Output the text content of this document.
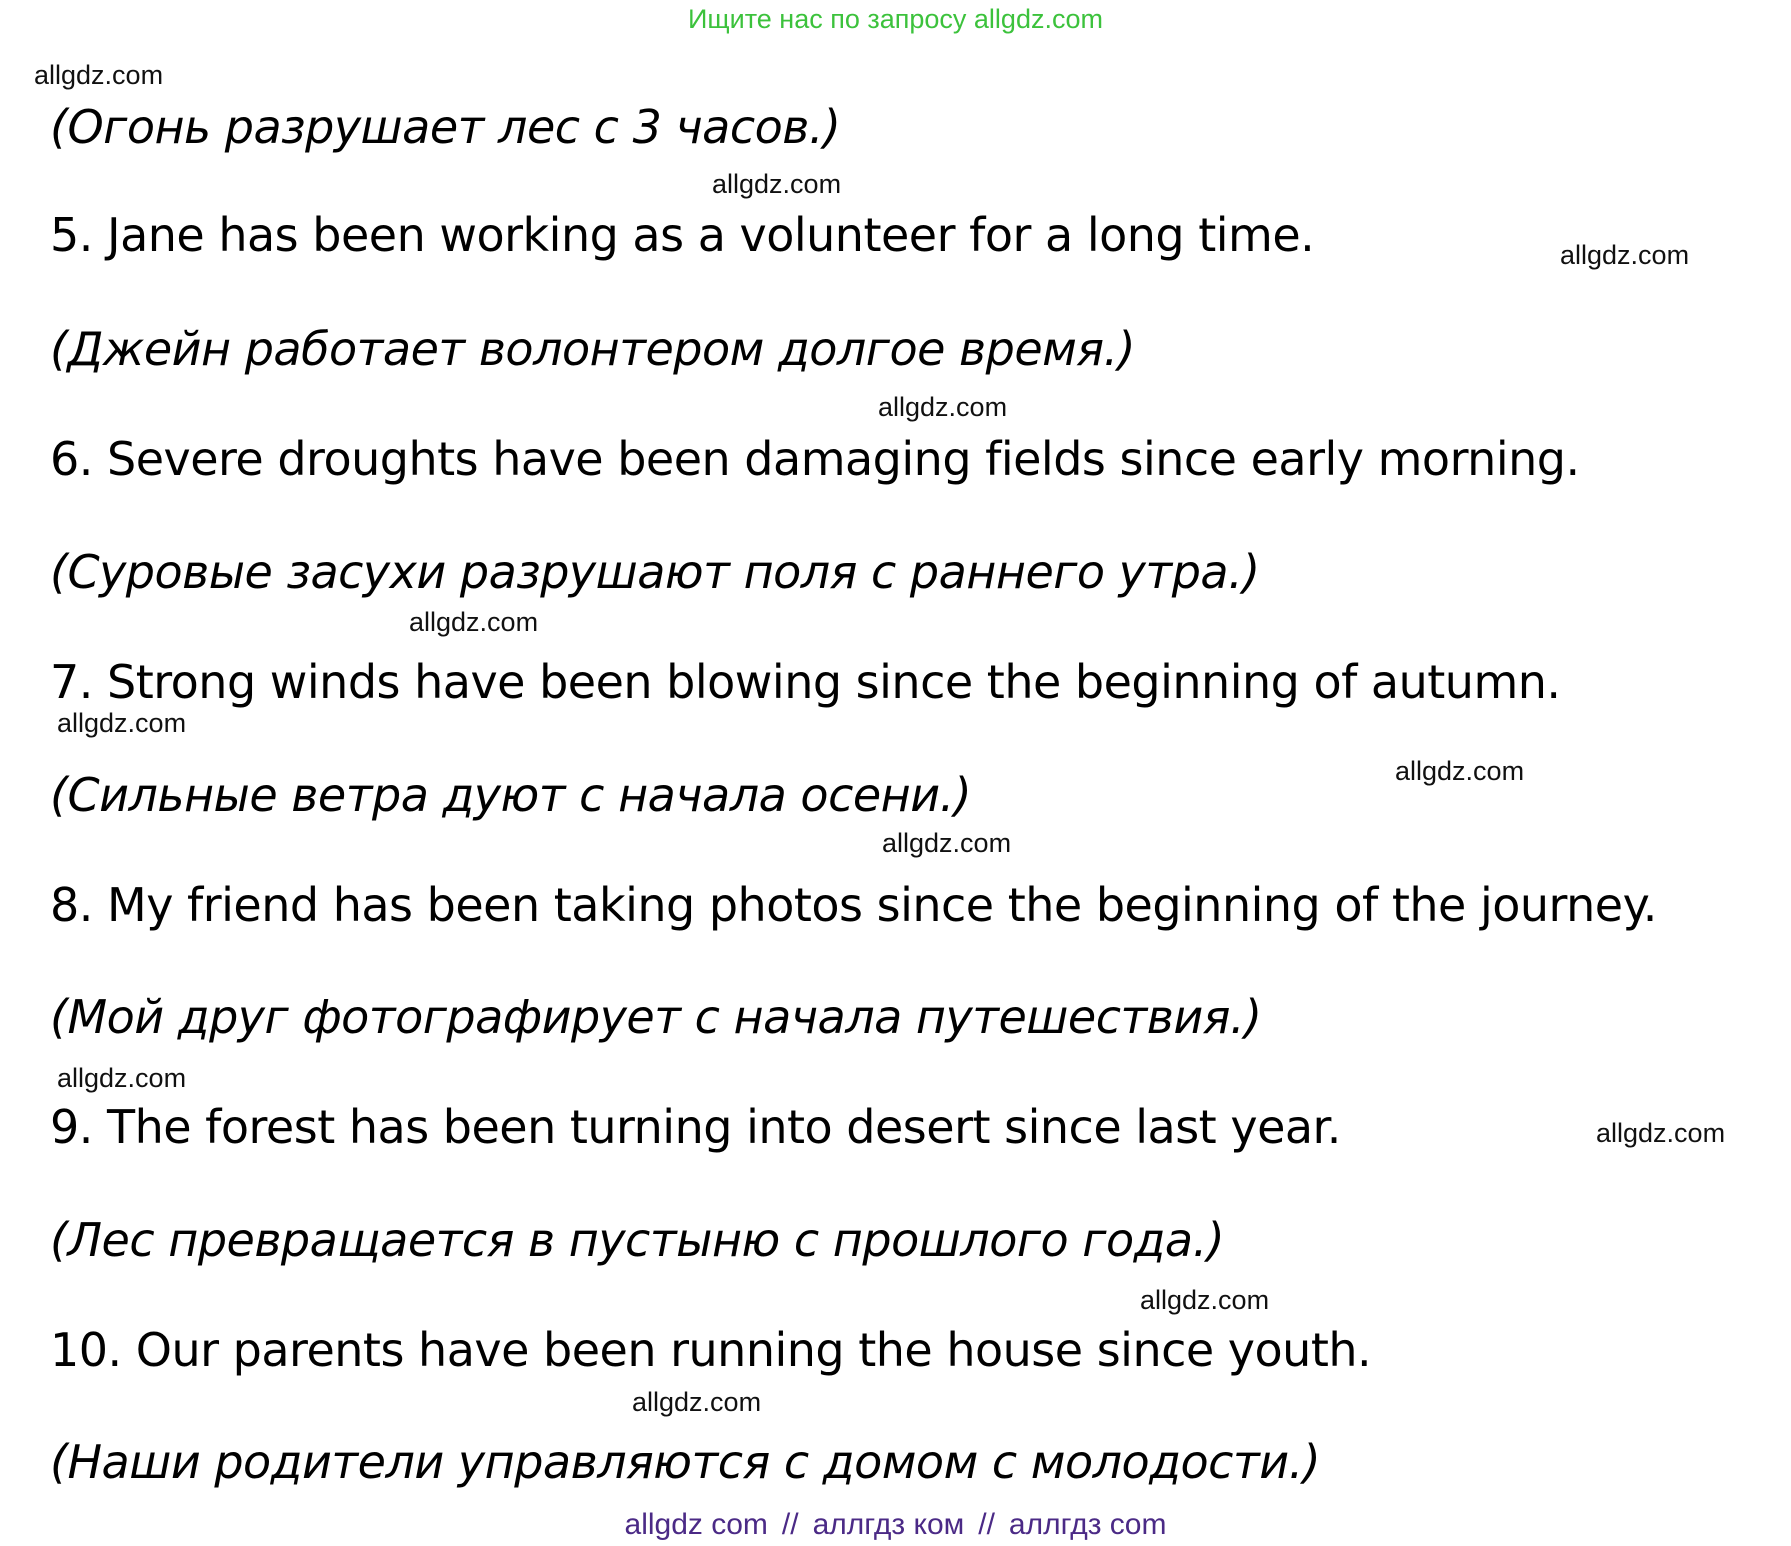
Ищите нас по запросу allgdz.com
allgdz.com
allgdz.com
allgdz.com
allgdz.com
allgdz.com
allgdz.com
allgdz.com
allgdz.com
allgdz.com
allgdz.com
allgdz.com
allgdz.com
(Огонь разрушает лес с 3 часов.)
5. Jane has been working as a volunteer for a long time.
(Джейн работает волонтером долгое время.)
6. Severe droughts have been damaging fields since early morning.
(Суровые засухи разрушают поля с раннего утра.)
7. Strong winds have been blowing since the beginning of autumn.
(Сильные ветра дуют с начала осени.)
8. My friend has been taking photos since the beginning of the journey.
(Мой друг фотографирует с начала путешествия.)
9. The forest has been turning into desert since last year.
(Лес превращается в пустыню с прошлого года.)
10. Our parents have been running the house since youth.
(Наши родители управляются с домом с молодости.)
allgdz com // аллгдз ком // аллгдз com
